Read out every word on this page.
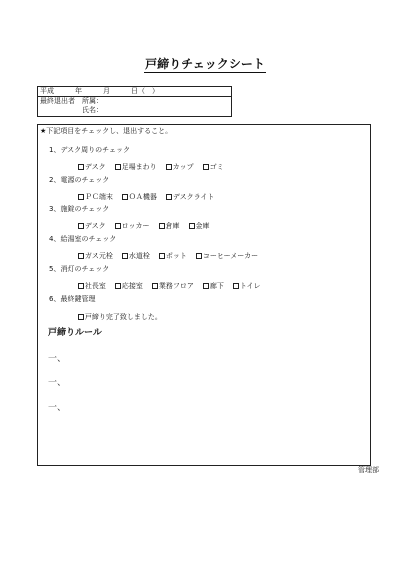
戸締りチェックシート
平成　　　年　　　月　　　日（　）
最終退出者　所属：
　　　　　　氏名：
★下記項目をチェックし、退出すること。
1、デスク周りのチェック

デスク 足場まわり カップ ゴミ

2、電源のチェック

ＰＣ端末 ＯＡ機器 デスクライト

3、施錠のチェック

デスク ロッカー 倉庫 金庫

4、給湯室のチェック

ガス元栓 水道栓 ポット コーヒーメーカー

5、消灯のチェック

社長室 応接室 業務フロア 廊下 トイレ

6、最終鍵管理

戸締り完了致しました。

戸締りルール
一、
一、
一、
管理部
